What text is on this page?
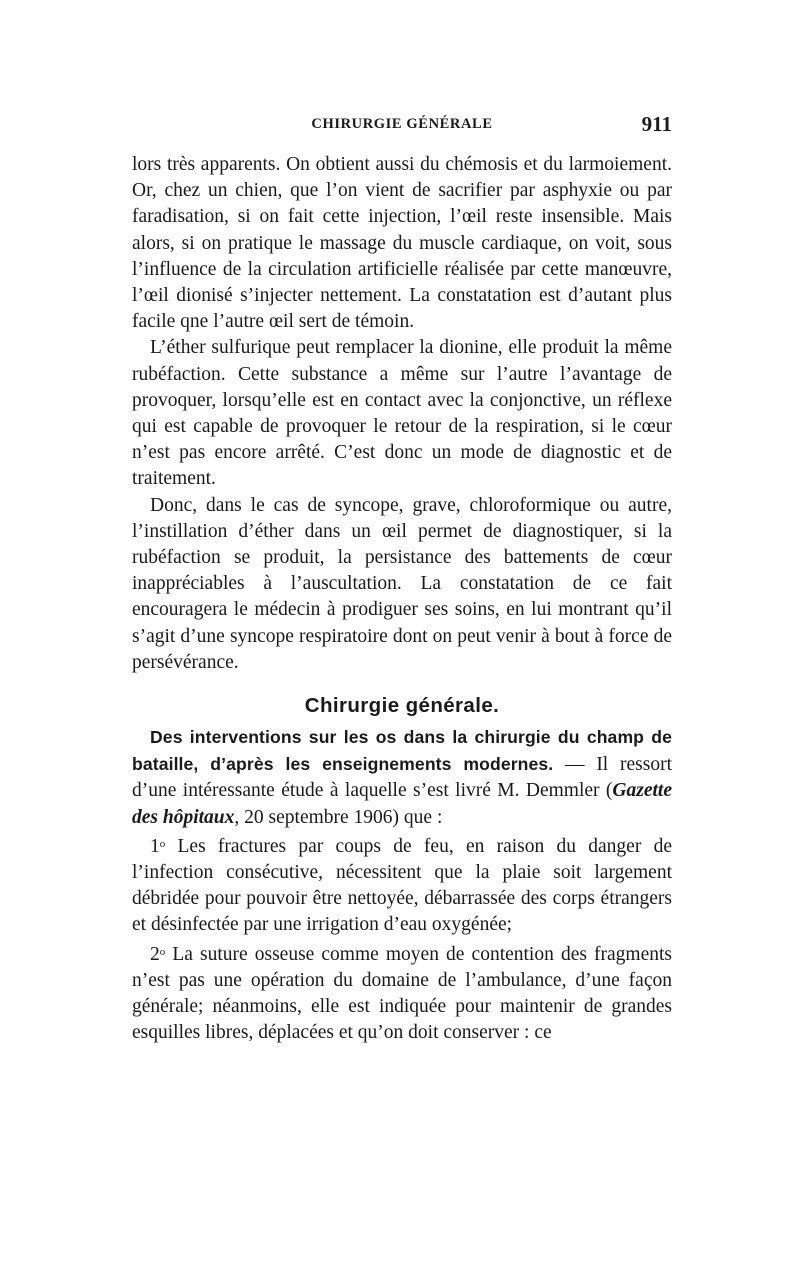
CHIRURGIE GÉNÉRALE	911

lors très apparents. On obtient aussi du chémosis et du larmoiement. Or, chez un chien, que l’on vient de sacrifier par asphyxie ou par faradisation, si on fait cette injection, l’œil reste insensible. Mais alors, si on pratique le massage du muscle cardiaque, on voit, sous l’influence de la circulation artificielle réalisée par cette manœuvre, l’œil dionisé s’injecter nettement. La constatation est d’autant plus facile qne l’autre œil sert de témoin.

L’éther sulfurique peut remplacer la dionine, elle produit la même rubéfaction. Cette substance a même sur l’autre l’avantage de provoquer, lorsqu’elle est en contact avec la conjonctive, un réflexe qui est capable de provoquer le retour de la respiration, si le cœur n’est pas encore arrêté. C’est donc un mode de diagnostic et de traitement.

Donc, dans le cas de syncope, grave, chloroformique ou autre, l’instillation d’éther dans un œil permet de diagnostiquer, si la rubéfaction se produit, la persistance des battements de cœur inappréciables à l’auscultation. La constatation de ce fait encouragera le médecin à prodiguer ses soins, en lui montrant qu’il s’agit d’une syncope respiratoire dont on peut venir à bout à force de persévérance.

Chirurgie générale.

Des interventions sur les os dans la chirurgie du champ de bataille, d’après les enseignements modernes. — Il ressort d’une intéressante étude à laquelle s’est livré M. Demmler (Gazette des hôpitaux, 20 septembre 1906) que :

1$^o$ Les fractures par coups de feu, en raison du danger de l’infection consécutive, nécessitent que la plaie soit largement débridée pour pouvoir être nettoyée, débarrassée des corps étrangers et désinfectée par une irrigation d’eau oxygénée;

2$^o$ La suture osseuse comme moyen de contention des fragments n’est pas une opération du domaine de l’ambulance, d’une façon générale; néanmoins, elle est indiquée pour maintenir de grandes esquilles libres, déplacées et qu’on doit conserver : ce
